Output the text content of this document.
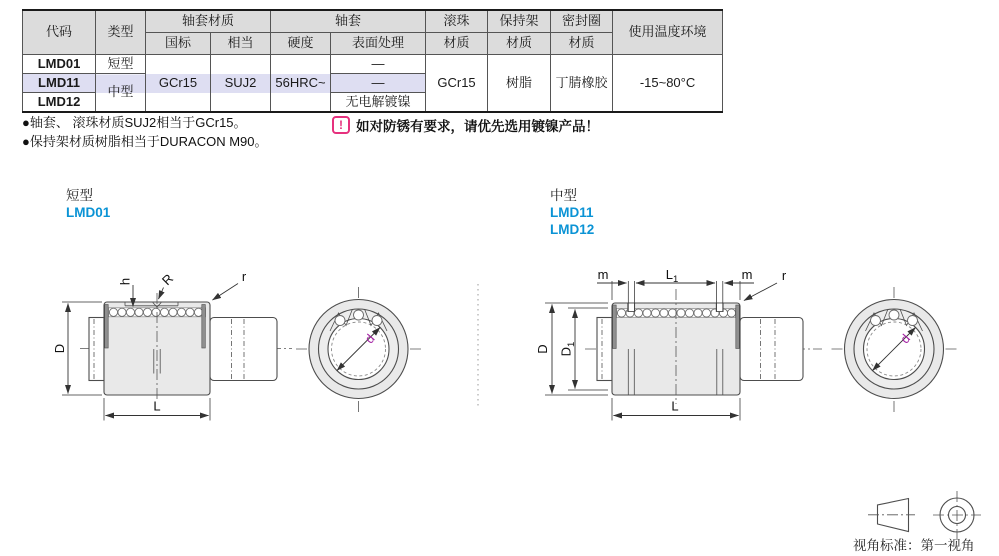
代码	类型	轴套材质		轴套		滚珠	保持架	密封圈	使用温度环境
		国标	相当	硬度	表面处理	材质	材质	材质	
LMD01	短型	GCr15	SUJ2	56HRC~	—	GCr15	树脂	丁腈橡胶	-15~80°C
LMD11	中型				—				
LMD12					无电解镀镍				
●轴套、 滚珠材质SUJ2相当于GCr15。
●保持架材质树脂相当于DURACON M90。
! 如对防锈有要求，请优先选用镀镍产品！
短型
LMD01
中型
LMD11
LMD12
D
L
h R	r
d
m	$L_1$	m r
D $D_1$
L
d
视角标准：第一视角
